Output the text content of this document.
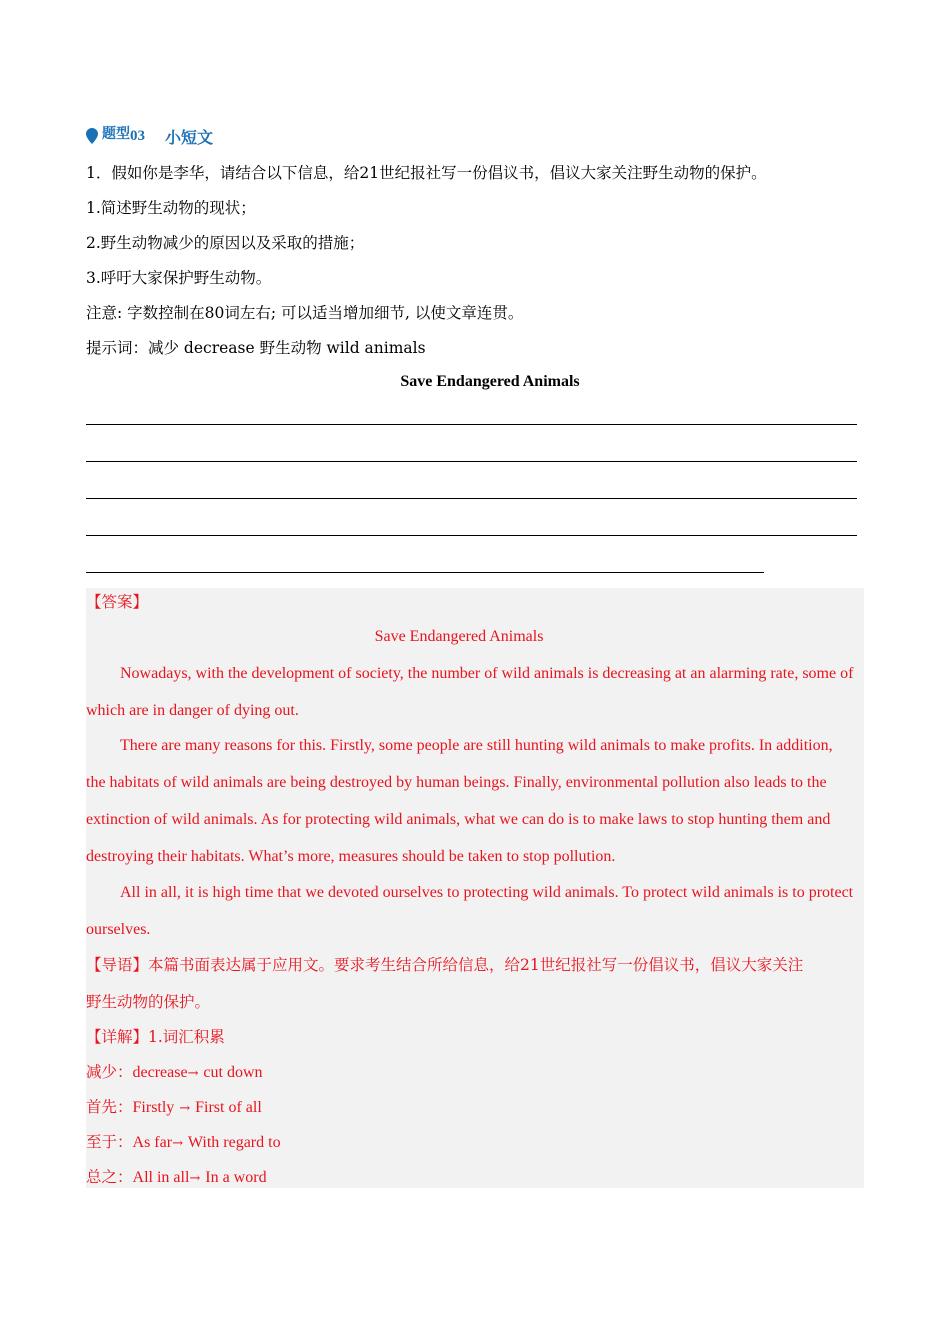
题型 03 小短文
1．假如你是李华，请结合以下信息，给21世纪报社写一份倡议书，倡议大家关注野生动物的保护。
1.简述野生动物的现状；
2.野生动物减少的原因以及采取的措施；
3.呼吁大家保护野生动物。
注意: 字数控制在80词左右; 可以适当增加细节, 以使文章连贯。
提示词：减少 decrease 野生动物 wild animals
Save Endangered Animals
【答案】
Save Endangered Animals
Nowadays, with the development of society, the number of wild animals is decreasing at an alarming rate, some of which are in danger of dying out.
There are many reasons for this. Firstly, some people are still hunting wild animals to make profits. In addition, the habitats of wild animals are being destroyed by human beings. Finally, environmental pollution also leads to the extinction of wild animals. As for protecting wild animals, what we can do is to make laws to stop hunting them and destroying their habitats. What’s more, measures should be taken to stop pollution.
All in all, it is high time that we devoted ourselves to protecting wild animals. To protect wild animals is to protect ourselves.
【导语】本篇书面表达属于应用文。要求考生结合所给信息，给21世纪报社写一份倡议书，倡议大家关注
野生动物的保护。
【详解】1.词汇积累
减少：decrease→ cut down
首先：Firstly → First of all
至于：As far→ With regard to
总之：All in all→ In a word
